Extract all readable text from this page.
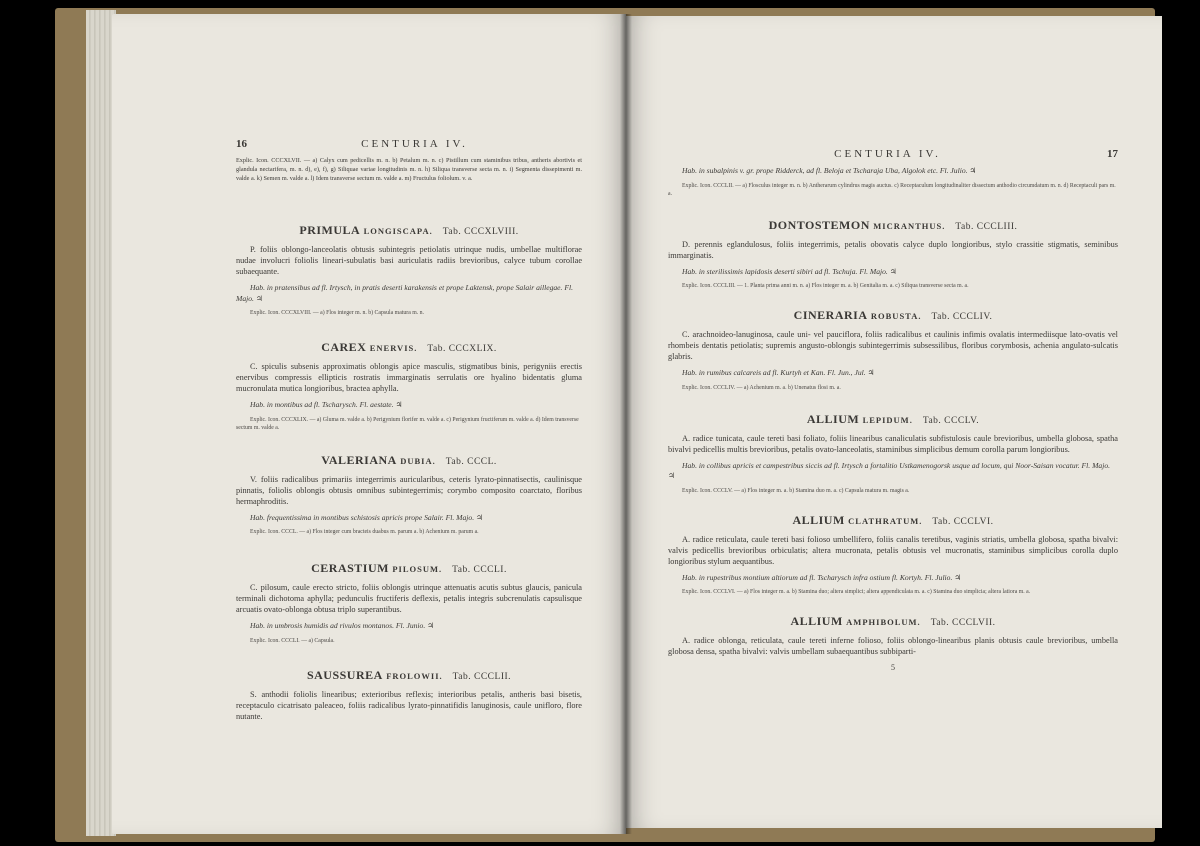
16	CENTURIA IV.

Explic. Icon. CCCXLVII. — a) Calyx cum pedicellis m. n. b) Petalum m. n. c) Pistillum cum staminibus tribus, antheris abortivis et glandula nectarifera, m. n. d), e), f), g) Siliquae variae longitudinis m. n. h) Siliqua transverse secta m. n. i) Segmenta dissepimenti m. valde a. k) Semen m. valde a. l) Idem transverse sectum m. valde a. m) Fructulus foliolum. v. a.

PRIMULA LONGISCAPA. Tab. CCCXLVIII.

P. foliis oblongo-lanceolatis obtusis subintegris petiolatis utrinque nudis, umbellae multiflorae nudae involucri foliolis lineari-subulatis basi auriculatis radiis brevioribus, calyce tubum corollae subaequante.

Hab. in pratensibus ad fl. Irtysch, in pratis deserti karakensis et prope Laktensk, prope Salair aillegae. Fl. Majo. ♃

Explic. Icon. CCCXLVIII. — a) Flos integer m. n. b) Capsula matura m. n.

CAREX ENERVIS. Tab. CCCXLIX.

C. spiculis subsenis approximatis oblongis apice masculis, stigmatibus binis, perigyniis erectis enervibus compressis ellipticis rostratis immarginatis serrulatis ore hyalino bidentatis gluma mucronulata mutica longioribus, bractea aphylla.

Hab. in montibus ad fl. Tscharysch. Fl. aestate. ♃

Explic. Icon. CCCXLIX. — a) Gluma m. valde a. b) Perigynium florifer m. valde a. c) Perigynium fructiferum m. valde a. d) Idem transverse sectum m. valde a.

VALERIANA DUBIA. Tab. CCCL.

V. foliis radicalibus primariis integerrimis auricularibus, ceteris lyrato-pinnatisectis, caulinisque pinnatis, foliolis oblongis obtusis omnibus subintegerrimis; corymbo composito coarctato, floribus hermaphroditis.

Hab. frequentissima in montibus schistosis apricis prope Salair. Fl. Majo. ♃

Explic. Icon. CCCL. — a) Flos integer cum bracteis duabus m. parum a. b) Achenium m. parum a.

CERASTIUM PILOSUM. Tab. CCCLI.

C. pilosum, caule erecto stricto, foliis oblongis utrinque attenuatis acutis subtus glaucis, panicula terminali dichotoma aphylla; pedunculis fructiferis deflexis, petalis integris subcrenulatis capsulisque arcuatis ovato-oblonga obtusa triplo superantibus.

Hab. in umbrosis humidis ad rivulos montanos. Fl. Junio. ♃

Explic. Icon. CCCLI. — a) Capsula.

SAUSSUREA FROLOWII. Tab. CCCLII.

S. anthodii foliolis linearibus; exterioribus reflexis; interioribus petalis, antheris basi bisetis, receptaculo cicatrisato paleaceo, foliis radicalibus lyrato-pinnatifidis lanuginosis, caule unifloro, flore nutante.

CENTURIA IV.	17

Hab. in subalpinis v. gr. prope Ridderck, ad fl. Beloja et Tscharaja Uba, Algolok etc. Fl. Julio. ♃

Explic. Icon. CCCLII. — a) Flosculus integer m. n. b) Antherarum cylindrus magis auctus. c) Receptaculum longitudinaliter dissectum anthodio circumdatum m. n. d) Receptaculi pars m. a.

DONTOSTEMON MICRANTHUS. Tab. CCCLIII.

D. perennis eglandulosus, foliis integerrimis, petalis obovatis calyce duplo longioribus, stylo crassitie stigmatis, seminibus immarginatis.

Hab. in sterilissimis lapidosis deserti sibiri ad fl. Tschuja. Fl. Majo. ♃

Explic. Icon. CCCLIII. — 1. Planta prima anni m. n. a) Flos integer m. a. b) Genitalia m. a. c) Siliqua transverse secta m. a.

CINERARIA ROBUSTA. Tab. CCCLIV.

C. arachnoideo-lanuginosa, caule uni- vel pauciflora, foliis radicalibus et caulinis infimis ovalatis intermediisque lato-ovatis vel rhombeis dentatis petiolatis; supremis angusto-oblongis subintegerrimis subsessilibus, floribus corymbosis, achenia angulato-sulcatis glabris.

Hab. in rumibus calcareis ad fl. Kurtyh et Kan. Fl. Jun., Jul. ♃

Explic. Icon. CCCLIV. — a) Achenium m. a. b) Unenatus flosi m. a.

ALLIUM LEPIDUM. Tab. CCCLV.

A. radice tunicata, caule tereti basi foliato, foliis linearibus canaliculatis subfistulosis caule brevioribus, umbella globosa, spatha bivalvi pedicellis multis brevioribus, petalis ovato-lanceolatis, staminibus simplicibus demum corolla parum longioribus.

Hab. in collibus apricis et campestribus siccis ad fl. Irtysch a fortalitio Ustkamenogorsk usque ad locum, qui Noor-Saisan vocatur. Fl. Majo. ♃

Explic. Icon. CCCLV. — a) Flos integer m. a. b) Stamina duo m. a. c) Capsula matura m. magis a.

ALLIUM CLATHRATUM. Tab. CCCLVI.

A. radice reticulata, caule tereti basi folioso umbellifero, foliis canalis teretibus, vaginis striatis, umbella globosa, spatha bivalvi: valvis pedicellis brevioribus orbiculatis; altera mucronata, petalis obtusis vel mucronatis, staminibus simplicibus corolla duplo longioribus stylum aequantibus.

Hab. in rupestribus montium altiorum ad fl. Tscharysch infra ostium fl. Kortyh. Fl. Julio. ♃

Explic. Icon. CCCLVI. — a) Flos integer m. a. b) Stamina duo; altera simplici; altera appendiculata m. a. c) Stamina duo simplicia; altera latiora m. a.

ALLIUM AMPHIBOLUM. Tab. CCCLVII.

A. radice oblonga, reticulata, caule tereti inferne folioso, foliis oblongo-linearibus planis obtusis caule brevioribus, umbella globosa densa, spatha bivalvi: valvis umbellam subaequantibus subbiparti-

5
